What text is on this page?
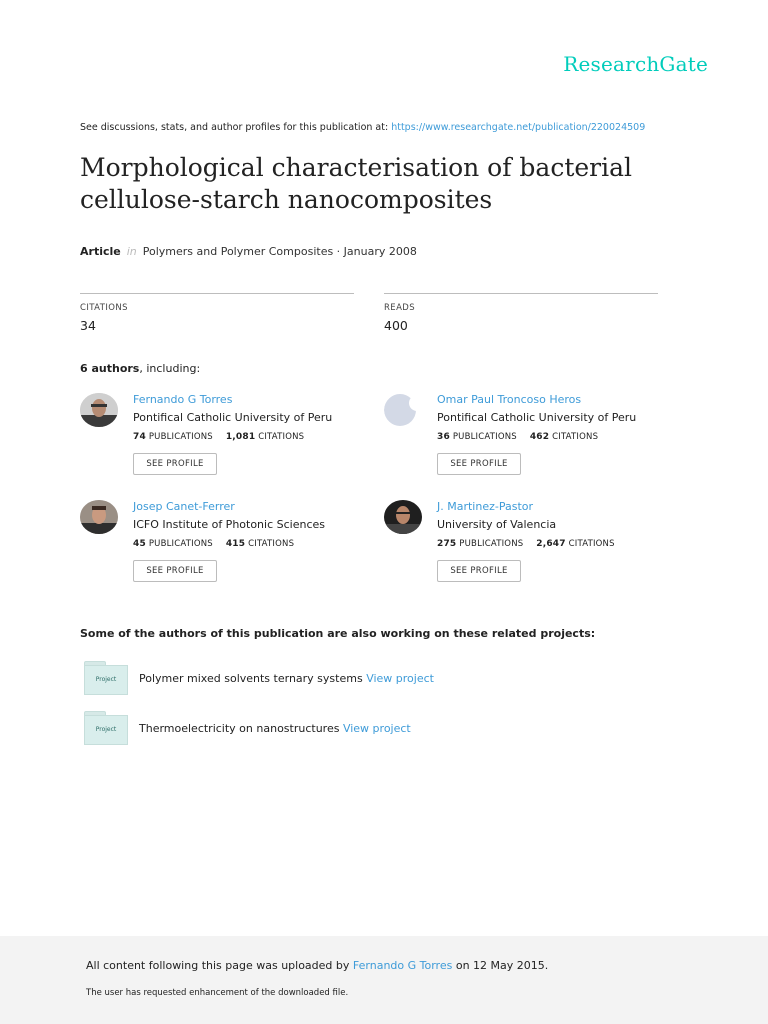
ResearchGate
See discussions, stats, and author profiles for this publication at: https://www.researchgate.net/publication/220024509
Morphological characterisation of bacterial cellulose-starch nanocomposites
Article in Polymers and Polymer Composites · January 2008
CITATIONS
34
READS
400
6 authors, including:
Fernando G Torres
Pontifical Catholic University of Peru
74 PUBLICATIONS 1,081 CITATIONS
SEE PROFILE
Omar Paul Troncoso Heros
Pontifical Catholic University of Peru
36 PUBLICATIONS 462 CITATIONS
SEE PROFILE
Josep Canet-Ferrer
ICFO Institute of Photonic Sciences
45 PUBLICATIONS 415 CITATIONS
SEE PROFILE
J. Martinez-Pastor
University of Valencia
275 PUBLICATIONS 2,647 CITATIONS
SEE PROFILE
Some of the authors of this publication are also working on these related projects:
Project	Polymer mixed solvents ternary systems View project
Project	Thermoelectricity on nanostructures View project
All content following this page was uploaded by Fernando G Torres on 12 May 2015.
The user has requested enhancement of the downloaded file.
